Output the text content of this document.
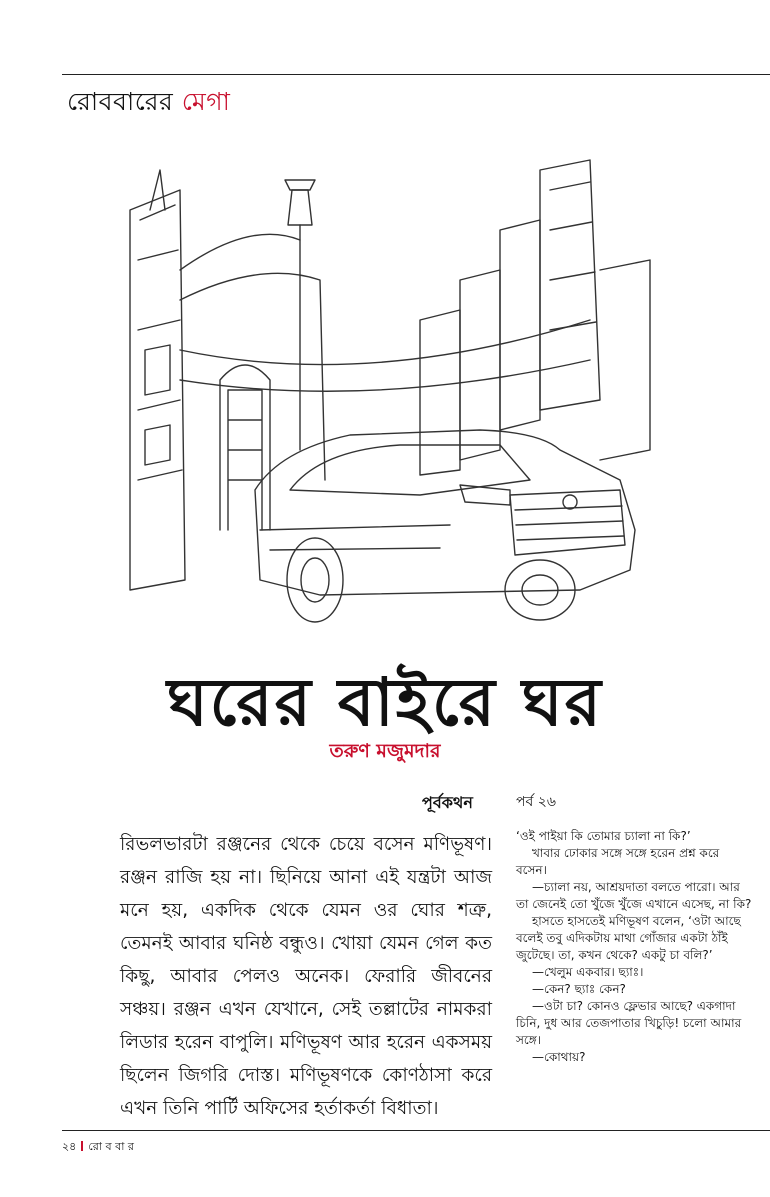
রোববারের মেগা
ঘরের বাইরে ঘর
তরুণ মজুমদার
পূর্বকথন	পর্ব ২৬
রিভলভারটা রঞ্জনের থেকে চেয়ে বসেন মণিভূষণ। রঞ্জন রাজি হয় না। ছিনিয়ে আনা এই যন্ত্রটা আজ মনে হয়, একদিক থেকে যেমন ওর ঘোর শত্রু, তেমনই আবার ঘনিষ্ঠ বন্ধুও। খোয়া যেমন গেল কত কিছু, আবার পেলও অনেক। ফেরারি জীবনের সঞ্চয়। রঞ্জন এখন যেখানে, সেই তল্লাটের নামকরা লিডার হরেন বাপুলি। মণিভূষণ আর হরেন একসময় ছিলেন জিগরি দোস্ত। মণিভূষণকে কোণঠাসা করে এখন তিনি পার্টি অফিসের হর্তাকর্তা বিধাতা।

‘ওই পাইয়া কি তোমার চ্যালা না কি?’

খাবার ঢোকার সঙ্গে সঙ্গে হরেন প্রশ্ন করে বসেন।

—চ্যালা নয়, আশ্রয়দাতা বলতে পারো। আর তা জেনেই তো খুঁজে খুঁজে এখানে এসেছ, না কি?

হাসতে হাসতেই মণিভূষণ বলেন, ‘ওটা আছে বলেই তবু এদিকটায় মাথা গোঁজার একটা ঠাঁই জুটেছে। তা, কখন থেকে? একটু চা বলি?’

—খেলুম একবার। ছ্যাঃ।

—কেন? ছ্যাঃ কেন?

—ওটা চা? কোনও ফ্লেভার আছে? একগাদা চিনি, দুধ আর তেজপাতার খিচুড়ি! চলো আমার সঙ্গে।

—কোথায়?

২৪ রো ব বা র
